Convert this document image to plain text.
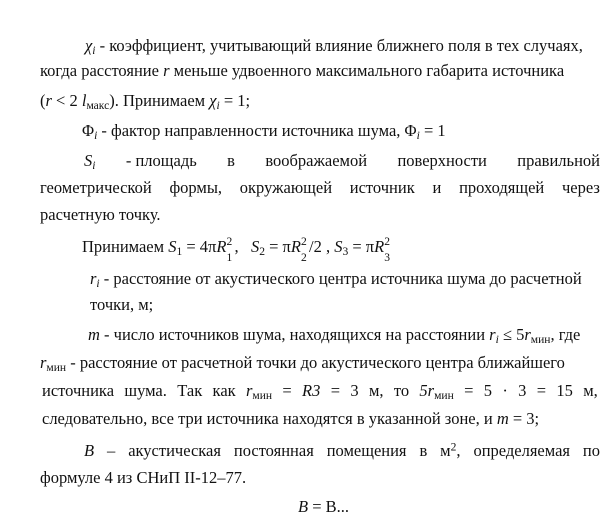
$\chi_i$ - коэффициент, учитывающий влияние ближнего поля в тех случаях,
когда расстояние r меньше удвоенного максимального габарита источника
(r < 2 $l_{макс}$). Принимаем $\chi_i = 1$;
$\Phi_i$ - фактор направленности источника шума, $\Phi_i = 1$
$S_i$ - площадь в воображаемой поверхности правильной
геометрической формы, окружающей источник и проходящей через
расчетную точку.
Принимаем $S_1 = 4\pi R$ 2
1
,   $S_2 = \pi R$ 2
2
/2 , $S_3 = \pi R$ 2
3
$r_i$ - расстояние от акустического центра источника шума до расчетной
точки, м;
m - число источников шума, находящихся на расстоянии $r_i \le 5r_{мин}$, где
$r_{мин}$ - расстояние от расчетной точки до акустического центра ближайшего
источника шума. Так как $r_{мин} = R3 = 3$ м, то $5r_{мин} = 5 \cdot 3 = 15$ м,
следовательно, все три источника находятся в указанной зоне, и m = 3;
B – акустическая постоянная помещения в $м^2$, определяемая по
формуле 4 из СНиП II-12–77.
B = B...
